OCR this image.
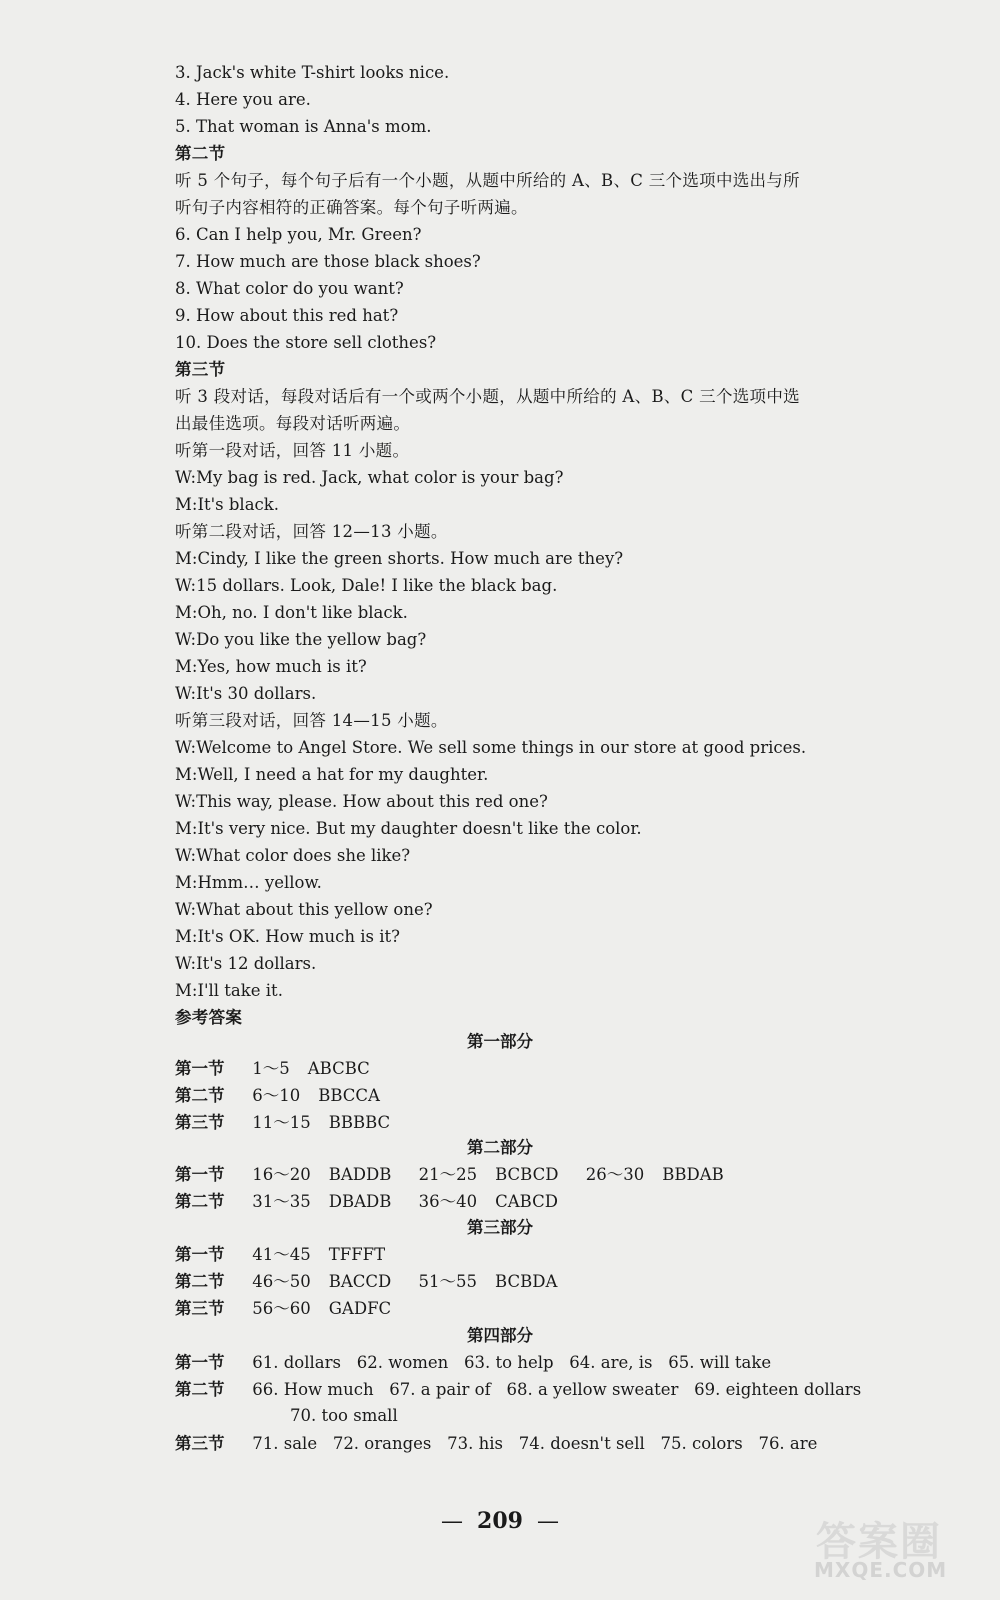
3. Jack's white T-shirt looks nice.
4. Here you are.
5. That woman is Anna's mom.
第二节
听 5 个句子，每个句子后有一个小题，从题中所给的 A、B、C 三个选项中选出与所
听句子内容相符的正确答案。每个句子听两遍。
6. Can I help you, Mr. Green?
7. How much are those black shoes?
8. What color do you want?
9. How about this red hat?
10. Does the store sell clothes?
第三节
听 3 段对话，每段对话后有一个或两个小题，从题中所给的 A、B、C 三个选项中选
出最佳选项。每段对话听两遍。
听第一段对话，回答 11 小题。
W:My bag is red. Jack, what color is your bag?
M:It's black.
听第二段对话，回答 12—13 小题。
M:Cindy, I like the green shorts. How much are they?
W:15 dollars. Look, Dale! I like the black bag.
M:Oh, no. I don't like black.
W:Do you like the yellow bag?
M:Yes, how much is it?
W:It's 30 dollars.
听第三段对话，回答 14—15 小题。
W:Welcome to Angel Store. We sell some things in our store at good prices.
M:Well, I need a hat for my daughter.
W:This way, please. How about this red one?
M:It's very nice. But my daughter doesn't like the color.
W:What color does she like?
M:Hmm… yellow.
W:What about this yellow one?
M:It's OK. How much is it?
W:It's 12 dollars.
M:I'll take it.
参考答案
第一部分
第一节 1～5 ABCBC
第二节 6～10 BBCCA
第三节 11～15 BBBBC
第二部分
第一节 16～20 BADDB 21～25 BCBCD 26～30 BBDAB
第二节 31～35 DBADB 36～40 CABCD
第三部分
第一节 41～45 TFFFT
第二节 46～50 BACCD 51～55 BCBDA
第三节 56～60 GADFC
第四部分
第一节 61. dollars   62. women   63. to help   64. are, is   65. will take
第二节 66. How much   67. a pair of   68. a yellow sweater   69. eighteen dollars
70. too small
第三节 71. sale   72. oranges   73. his   74. doesn't sell   75. colors   76. are
— 209 —	答案圈
MXQE.COM
